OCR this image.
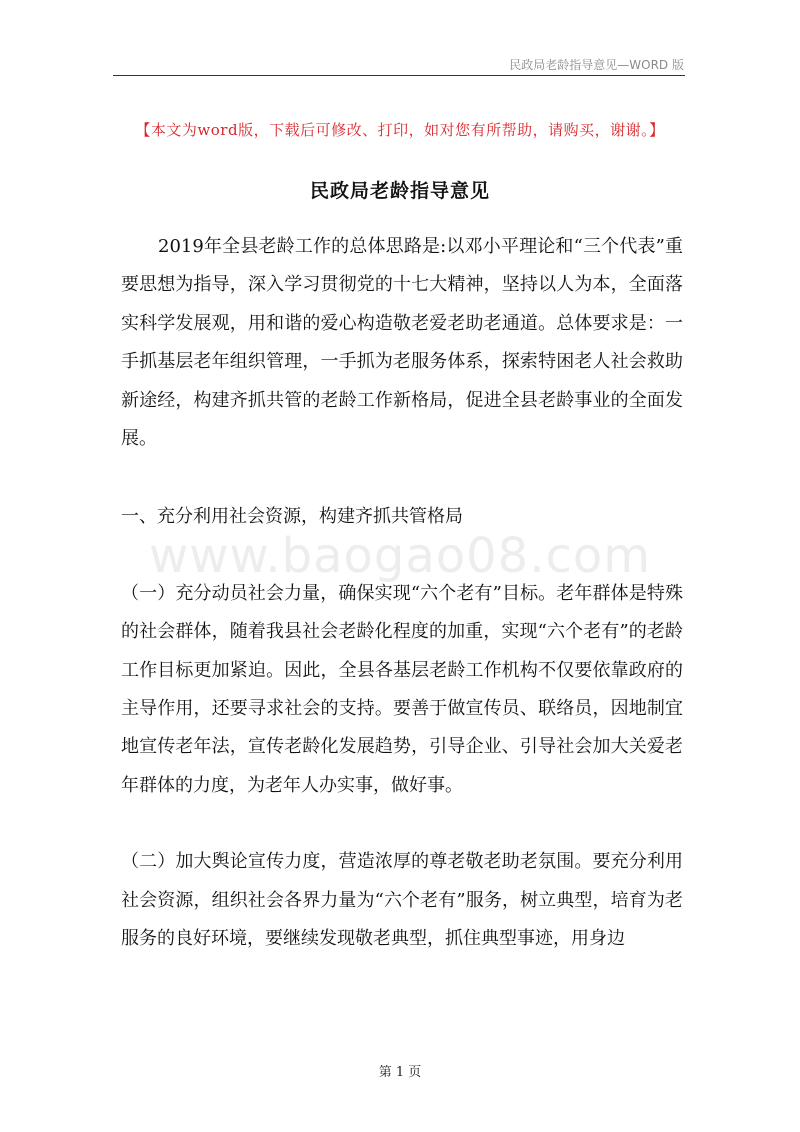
民政局老龄指导意见—WORD 版
【本文为word版，下载后可修改、打印，如对您有所帮助，请购买，谢谢。】
民政局老龄指导意见
www.baogao08.com

2019年全县老龄工作的总体思路是:以邓小平理论和“三个代表”重要思想为指导，深入学习贯彻党的十七大精神，坚持以人为本，全面落实科学发展观，用和谐的爱心构造敬老爱老助老通道。总体要求是：一手抓基层老年组织管理，一手抓为老服务体系，探索特困老人社会救助新途经，构建齐抓共管的老龄工作新格局，促进全县老龄事业的全面发展。

一、充分利用社会资源，构建齐抓共管格局

（一）充分动员社会力量，确保实现“六个老有”目标。老年群体是特殊的社会群体，随着我县社会老龄化程度的加重，实现“六个老有”的老龄工作目标更加紧迫。因此，全县各基层老龄工作机构不仅要依靠政府的主导作用，还要寻求社会的支持。要善于做宣传员、联络员，因地制宜地宣传老年法，宣传老龄化发展趋势，引导企业、引导社会加大关爱老年群体的力度，为老年人办实事，做好事。

（二）加大舆论宣传力度，营造浓厚的尊老敬老助老氛围。要充分利用社会资源，组织社会各界力量为“六个老有”服务，树立典型，培育为老服务的良好环境，要继续发现敬老典型，抓住典型事迹，用身边

第 1 页
